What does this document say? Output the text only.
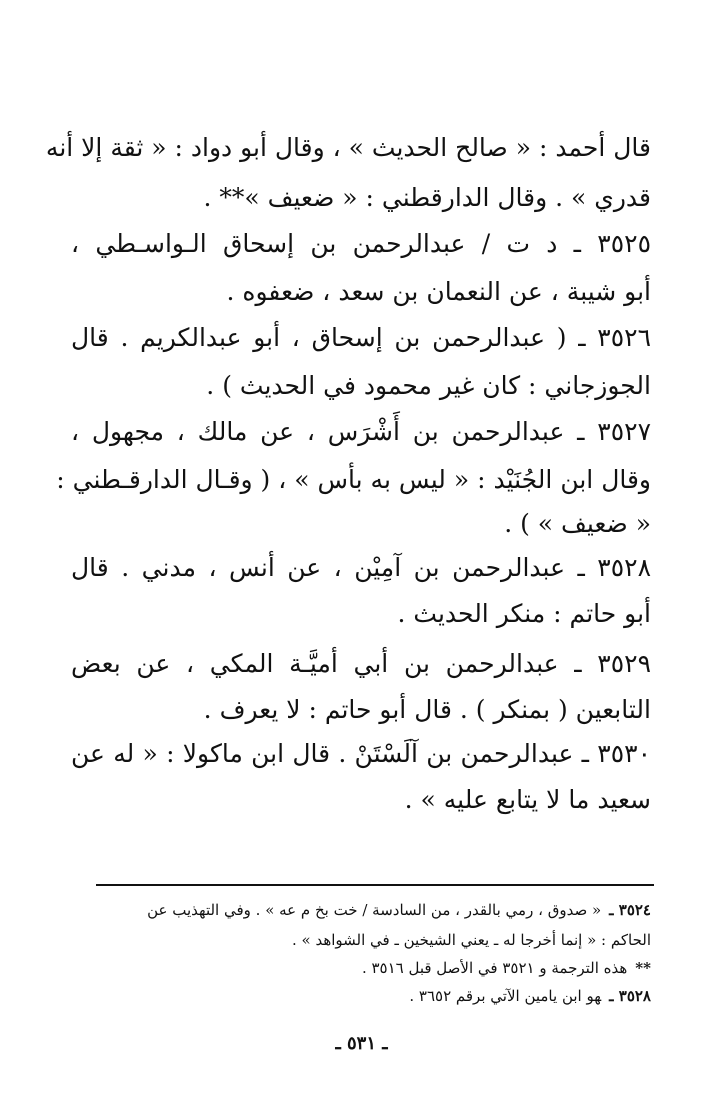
قال أحمد : « صالح الحديث » ، وقال أبو دواد : « ثقة إلا أنه
قدري » . وقال الدارقطني : « ضعيف »** .
٣٥٢٥ ـ د ت / عبدالرحمن بن إسحاق الـواسـطي ،
أبو شيبة ، عن النعمان بن سعد ، ضعفوه .
٣٥٢٦ ـ ( عبدالرحمن بن إسحاق ، أبو عبدالكريم . قال
الجوزجاني : كان غير محمود في الحديث ) .
٣٥٢٧ ـ عبدالرحمن بن أَشْرَس ، عن مالك ، مجهول ،
وقال ابن الجُنَيْد : « ليس به بأس » ، ( وقـال الدارقـطني :
« ضعيف » ) .
٣٥٢٨ ـ عبدالرحمن بن آمِيْن ، عن أنس ، مدني . قال
أبو حاتم : منكر الحديث .
٣٥٢٩ ـ عبدالرحمن بن أبي أميَّـة المكي ، عن بعض
التابعين ( بمنكر ) . قال أبو حاتم : لا يعرف .
٣٥٣٠ ـ عبدالرحمن بن آلَسْتَنْ . قال ابن ماكولا : « له عن
سعيد ما لا يتابع عليه » .
٣٥٢٤ ـ« صدوق ، رمي بالقدر ، من السادسة / خت بخ م عه » . وفي التهذيب عن
الحاكم : « إنما أخرجا له ـ يعني الشيخين ـ في الشواهد » .
**هذه الترجمة و ٣٥٢١ في الأصل قبل ٣٥١٦ .
٣٥٢٨ ـهو ابن يامين الآتي برقم ٣٦٥٢ .
ـ ٥٣١ ـ
